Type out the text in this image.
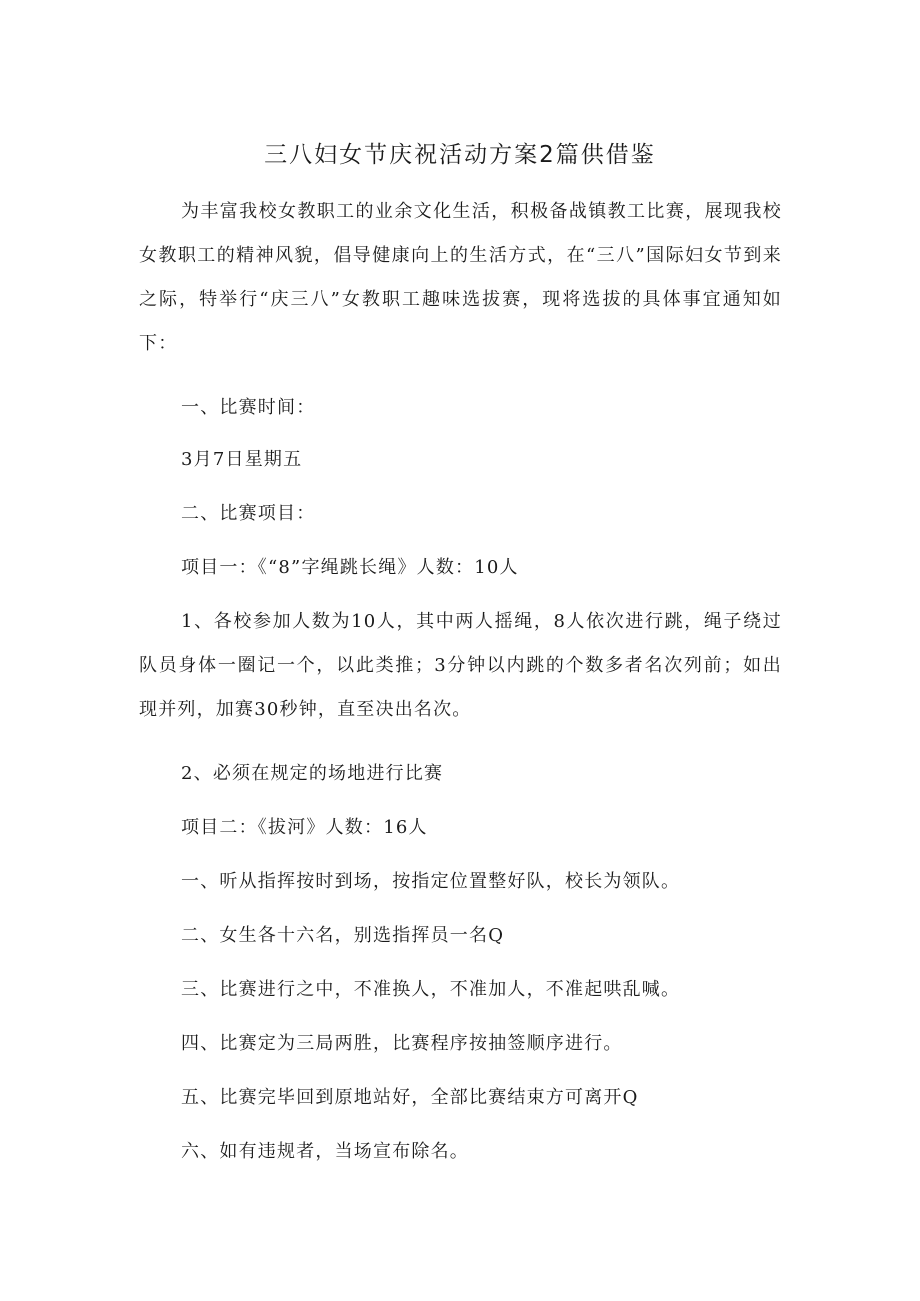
三八妇女节庆祝活动方案2篇供借鉴

为丰富我校女教职工的业余文化生活，积极备战镇教工比赛，展现我校女教职工的精神风貌，倡导健康向上的生活方式，在“三八”国际妇女节到来之际，特举行“庆三八”女教职工趣味选拔赛，现将选拔的具体事宜通知如下：

一、比赛时间：

3月7日星期五

二、比赛项目：

项目一：《“8”字绳跳长绳》人数：10人

1、各校参加人数为10人，其中两人摇绳，8人依次进行跳，绳子绕过队员身体一圈记一个，以此类推；3分钟以内跳的个数多者名次列前；如出现并列，加赛30秒钟，直至决出名次。

2、必须在规定的场地进行比赛

项目二：《拔河》人数：16人

一、听从指挥按时到场，按指定位置整好队，校长为领队。

二、女生各十六名，别选指挥员一名Q

三、比赛进行之中，不准换人，不准加人，不准起哄乱喊。

四、比赛定为三局两胜，比赛程序按抽签顺序进行。

五、比赛完毕回到原地站好，全部比赛结束方可离开Q

六、如有违规者，当场宣布除名。
